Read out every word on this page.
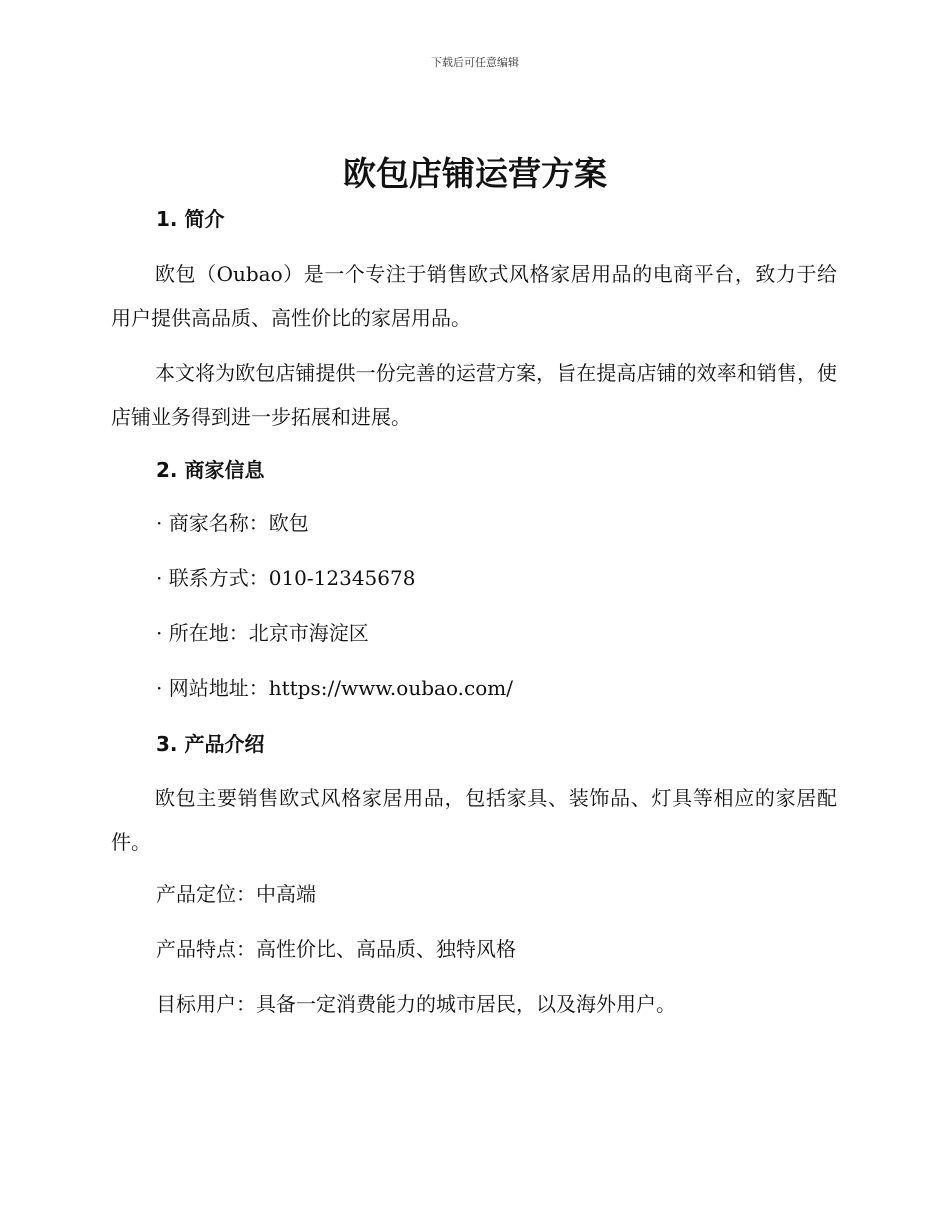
下载后可任意编辑
欧包店铺运营方案
1. 简介

欧包（Oubao）是一个专注于销售欧式风格家居用品的电商平台，致力于给用户提供高品质、高性价比的家居用品。

本文将为欧包店铺提供一份完善的运营方案，旨在提高店铺的效率和销售，使店铺业务得到进一步拓展和进展。

2. 商家信息

· 商家名称：欧包

· 联系方式：010-12345678

· 所在地：北京市海淀区

· 网站地址：https://www.oubao.com/

3. 产品介绍

欧包主要销售欧式风格家居用品，包括家具、装饰品、灯具等相应的家居配件。

产品定位：中高端

产品特点：高性价比、高品质、独特风格

目标用户：具备一定消费能力的城市居民，以及海外用户。
